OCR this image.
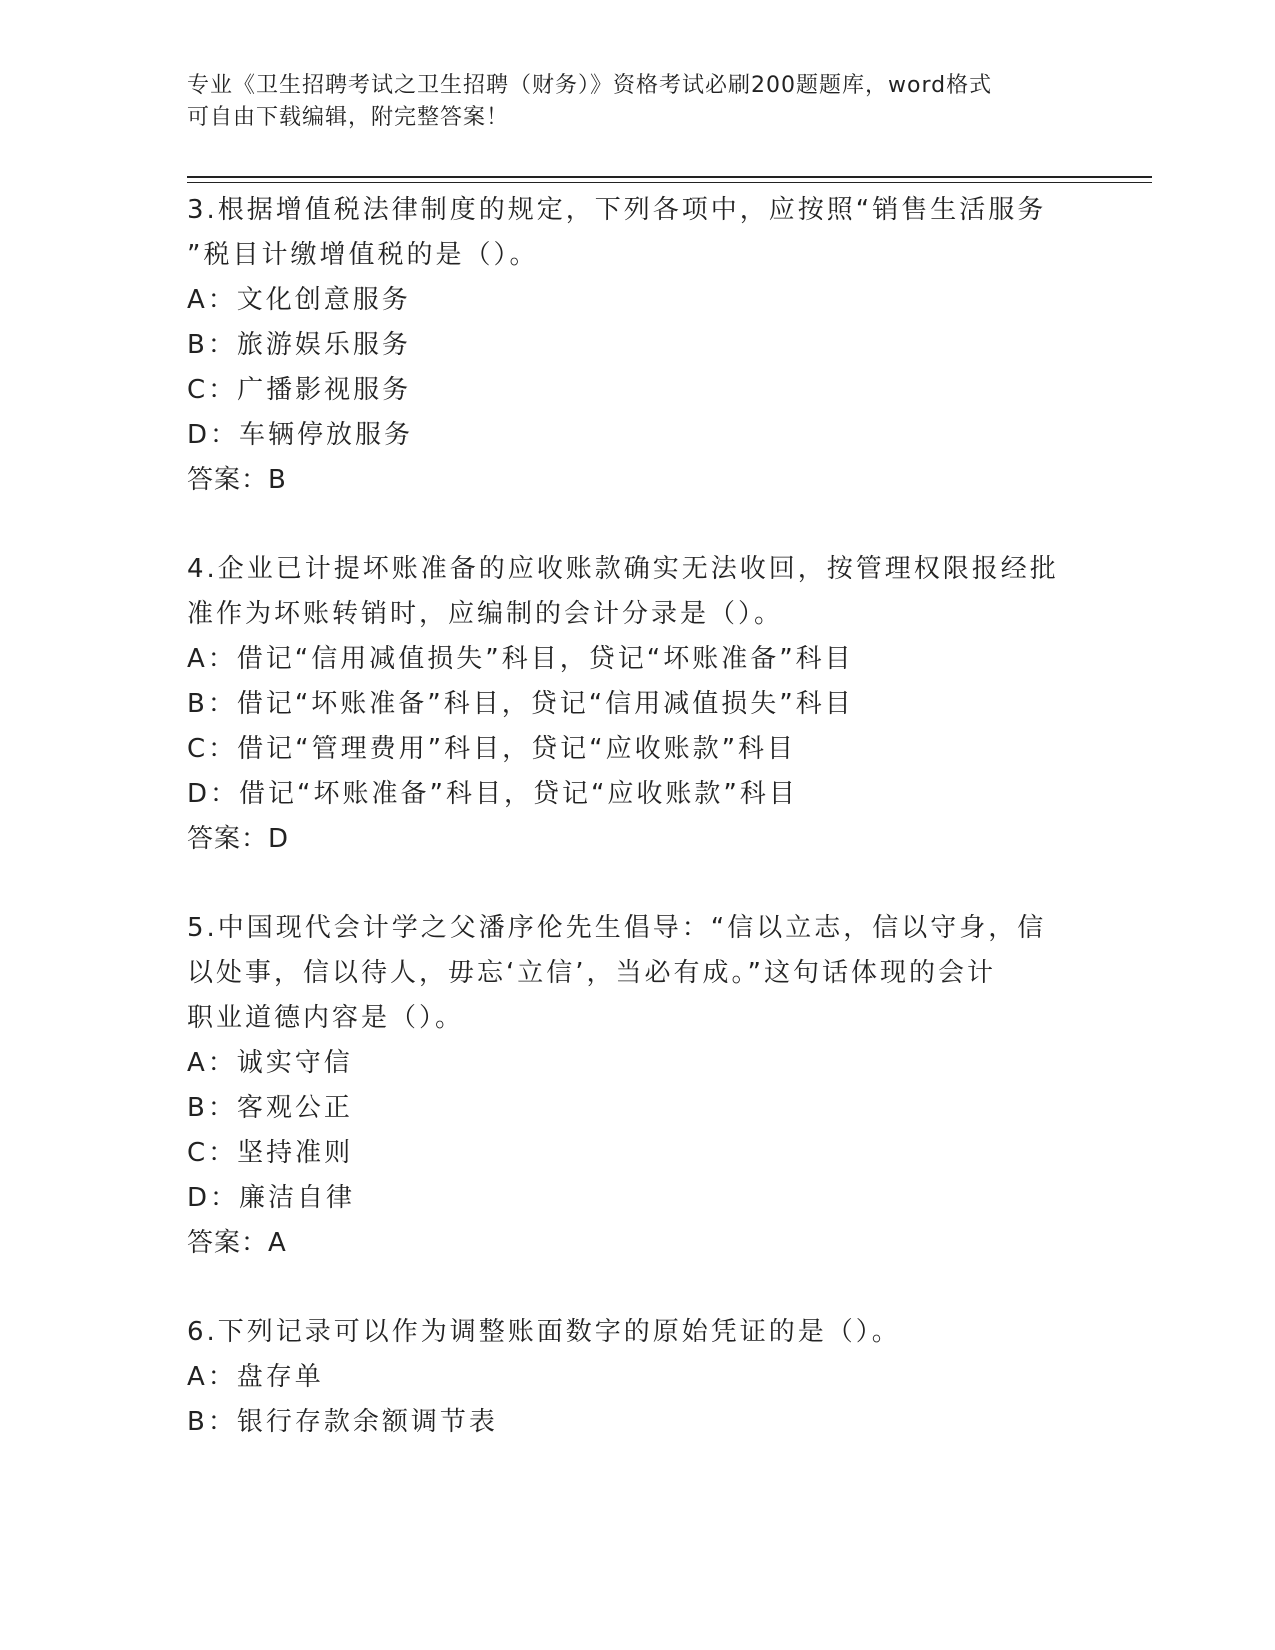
专业《卫生招聘考试之卫生招聘（财务）》资格考试必刷200题题库，word格式
可自由下载编辑，附完整答案！

3.根据增值税法律制度的规定，下列各项中，应按照“销售生活服务

”税目计缴增值税的是（）。

A：文化创意服务

B：旅游娱乐服务

C：广播影视服务

D：车辆停放服务

答案：B

4.企业已计提坏账准备的应收账款确实无法收回，按管理权限报经批

准作为坏账转销时，应编制的会计分录是（）。

A：借记“信用减值损失”科目，贷记“坏账准备”科目

B：借记“坏账准备”科目，贷记“信用减值损失”科目

C：借记“管理费用”科目，贷记“应收账款”科目

D：借记“坏账准备”科目，贷记“应收账款”科目

答案：D

5.中国现代会计学之父潘序伦先生倡导：“信以立志，信以守身，信

以处事，信以待人，毋忘‘立信’，当必有成。”这句话体现的会计

职业道德内容是（）。

A：诚实守信

B：客观公正

C：坚持准则

D：廉洁自律

答案：A

6.下列记录可以作为调整账面数字的原始凭证的是（）。

A：盘存单

B：银行存款余额调节表
